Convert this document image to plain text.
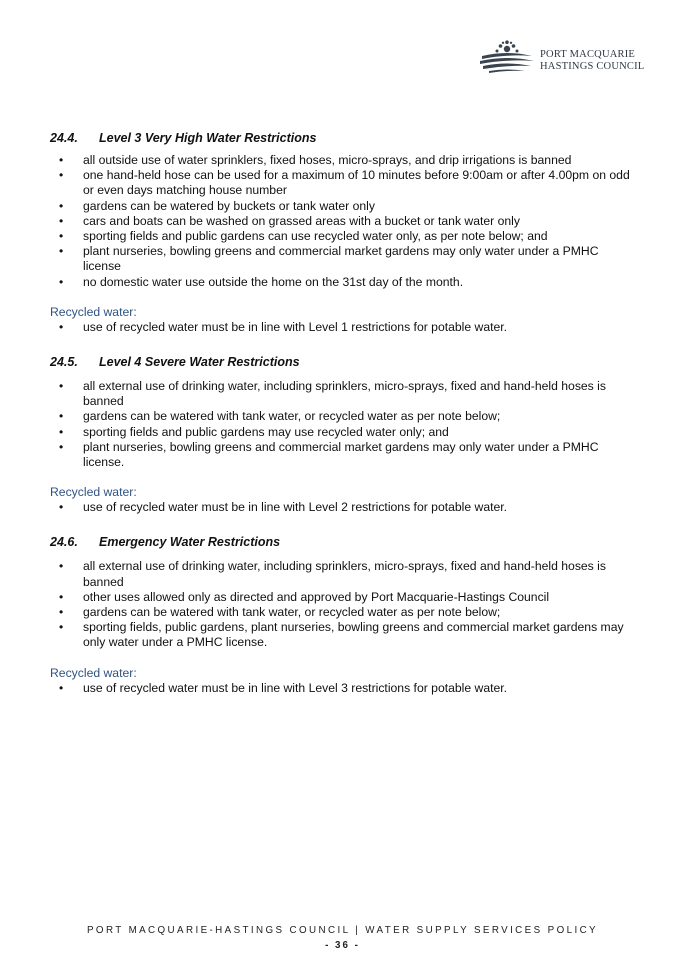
PORT MACQUARIE
HASTINGS COUNCIL
24.4. Level 3 Very High Water Restrictions
• all outside use of water sprinklers, fixed hoses, micro-sprays, and drip irrigations is banned
• one hand-held hose can be used for a maximum of 10 minutes before 9:00am or after 4.00pm on odd or even days matching house number
• gardens can be watered by buckets or tank water only
• cars and boats can be washed on grassed areas with a bucket or tank water only
• sporting fields and public gardens can use recycled water only, as per note below; and
• plant nurseries, bowling greens and commercial market gardens may only water under a PMHC license
• no domestic water use outside the home on the 31st day of the month.

Recycled water:

• use of recycled water must be in line with Level 1 restrictions for potable water.
24.5. Level 4 Severe Water Restrictions
• all external use of drinking water, including sprinklers, micro-sprays, fixed and hand-held hoses is banned
• gardens can be watered with tank water, or recycled water as per note below;
• sporting fields and public gardens may use recycled water only; and
• plant nurseries, bowling greens and commercial market gardens may only water under a PMHC license.

Recycled water:

• use of recycled water must be in line with Level 2 restrictions for potable water.
24.6. Emergency Water Restrictions
• all external use of drinking water, including sprinklers, micro-sprays, fixed and hand-held hoses is banned
• other uses allowed only as directed and approved by Port Macquarie-Hastings Council
• gardens can be watered with tank water, or recycled water as per note below;
• sporting fields, public gardens, plant nurseries, bowling greens and commercial market gardens may only water under a PMHC license.

Recycled water:

• use of recycled water must be in line with Level 3 restrictions for potable water.
PORT MACQUARIE-HASTINGS COUNCIL | WATER SUPPLY SERVICES POLICY
- 36 -
